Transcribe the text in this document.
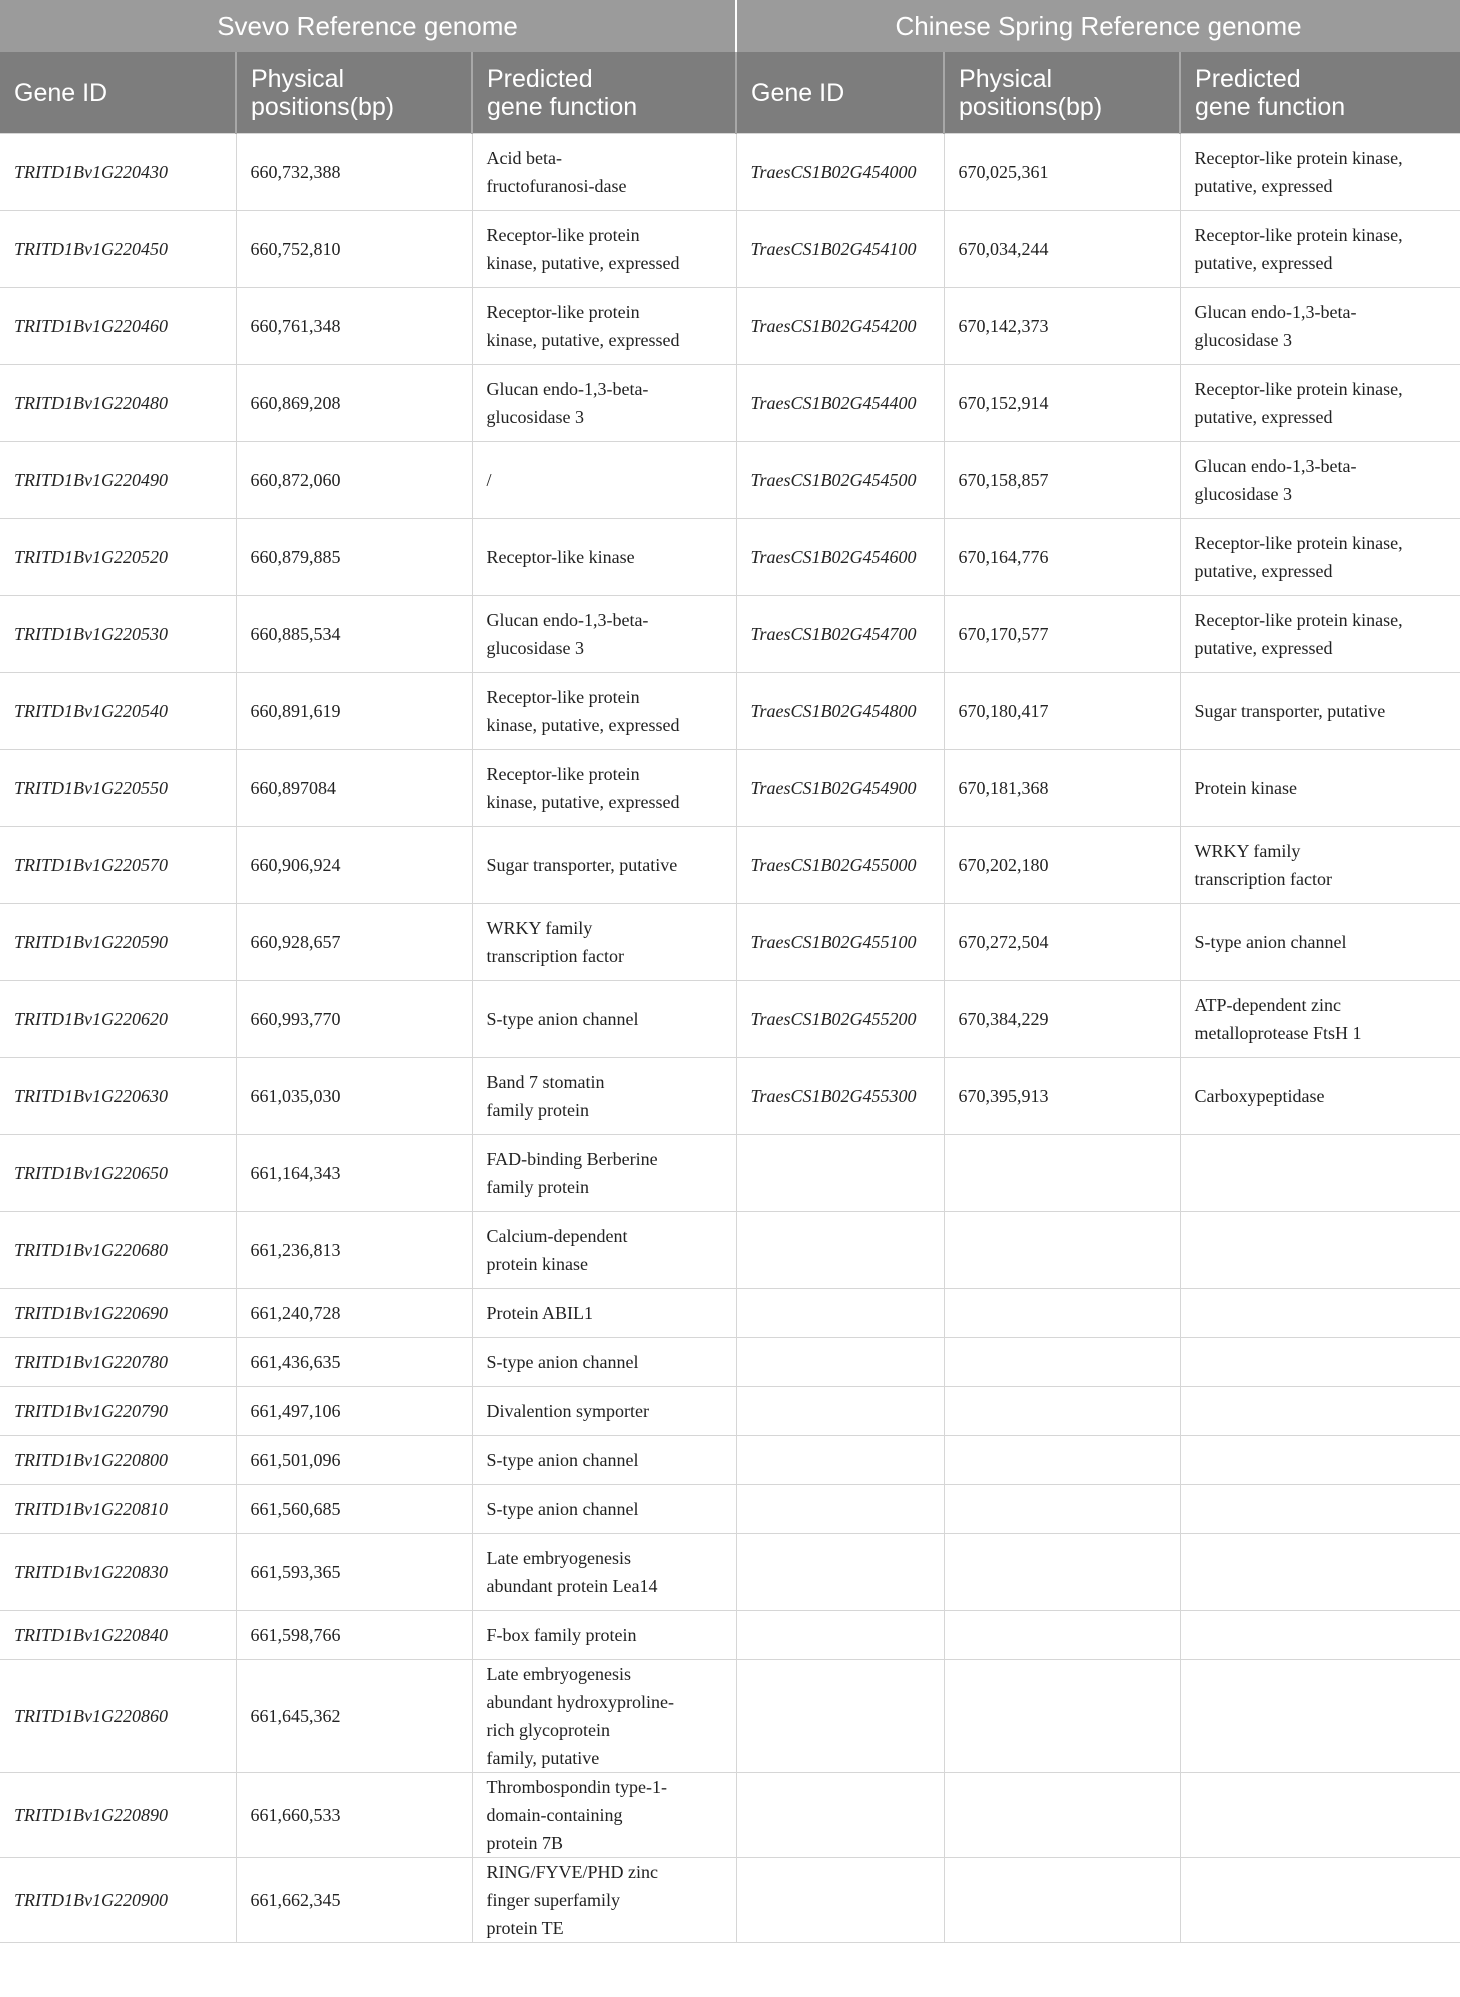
Svevo Reference genome			Chinese Spring Reference genome		
Gene ID	Physical
positions(bp)	Predicted
gene function	Gene ID	Physical
positions(bp)	Predicted
gene function
TRITD1Bv1G220430	660,732,388	Acid beta-
fructofuranosi-dase	TraesCS1B02G454000	670,025,361	Receptor-like protein kinase,
putative, expressed
TRITD1Bv1G220450	660,752,810	Receptor-like protein
kinase, putative, expressed	TraesCS1B02G454100	670,034,244	Receptor-like protein kinase,
putative, expressed
TRITD1Bv1G220460	660,761,348	Receptor-like protein
kinase, putative, expressed	TraesCS1B02G454200	670,142,373	Glucan endo-1,3-beta-
glucosidase 3
TRITD1Bv1G220480	660,869,208	Glucan endo-1,3-beta-
glucosidase 3	TraesCS1B02G454400	670,152,914	Receptor-like protein kinase,
putative, expressed
TRITD1Bv1G220490	660,872,060	/	TraesCS1B02G454500	670,158,857	Glucan endo-1,3-beta-
glucosidase 3
TRITD1Bv1G220520	660,879,885	Receptor-like kinase	TraesCS1B02G454600	670,164,776	Receptor-like protein kinase,
putative, expressed
TRITD1Bv1G220530	660,885,534	Glucan endo-1,3-beta-
glucosidase 3	TraesCS1B02G454700	670,170,577	Receptor-like protein kinase,
putative, expressed
TRITD1Bv1G220540	660,891,619	Receptor-like protein
kinase, putative, expressed	TraesCS1B02G454800	670,180,417	Sugar transporter, putative
TRITD1Bv1G220550	660,897084	Receptor-like protein
kinase, putative, expressed	TraesCS1B02G454900	670,181,368	Protein kinase
TRITD1Bv1G220570	660,906,924	Sugar transporter, putative	TraesCS1B02G455000	670,202,180	WRKY family
transcription factor
TRITD1Bv1G220590	660,928,657	WRKY family
transcription factor	TraesCS1B02G455100	670,272,504	S-type anion channel
TRITD1Bv1G220620	660,993,770	S-type anion channel	TraesCS1B02G455200	670,384,229	ATP-dependent zinc
metalloprotease FtsH 1
TRITD1Bv1G220630	661,035,030	Band 7 stomatin
family protein	TraesCS1B02G455300	670,395,913	Carboxypeptidase
TRITD1Bv1G220650	661,164,343	FAD-binding Berberine
family protein			
TRITD1Bv1G220680	661,236,813	Calcium-dependent
protein kinase			
TRITD1Bv1G220690	661,240,728	Protein ABIL1			
TRITD1Bv1G220780	661,436,635	S-type anion channel			
TRITD1Bv1G220790	661,497,106	Divalention symporter			
TRITD1Bv1G220800	661,501,096	S-type anion channel			
TRITD1Bv1G220810	661,560,685	S-type anion channel			
TRITD1Bv1G220830	661,593,365	Late embryogenesis
abundant protein Lea14			
TRITD1Bv1G220840	661,598,766	F-box family protein			
TRITD1Bv1G220860	661,645,362	Late embryogenesis
abundant hydroxyproline-
rich glycoprotein
family, putative			
TRITD1Bv1G220890	661,660,533	Thrombospondin type-1-
domain-containing
protein 7B			
TRITD1Bv1G220900	661,662,345	RING/FYVE/PHD zinc
finger superfamily
protein TE			
